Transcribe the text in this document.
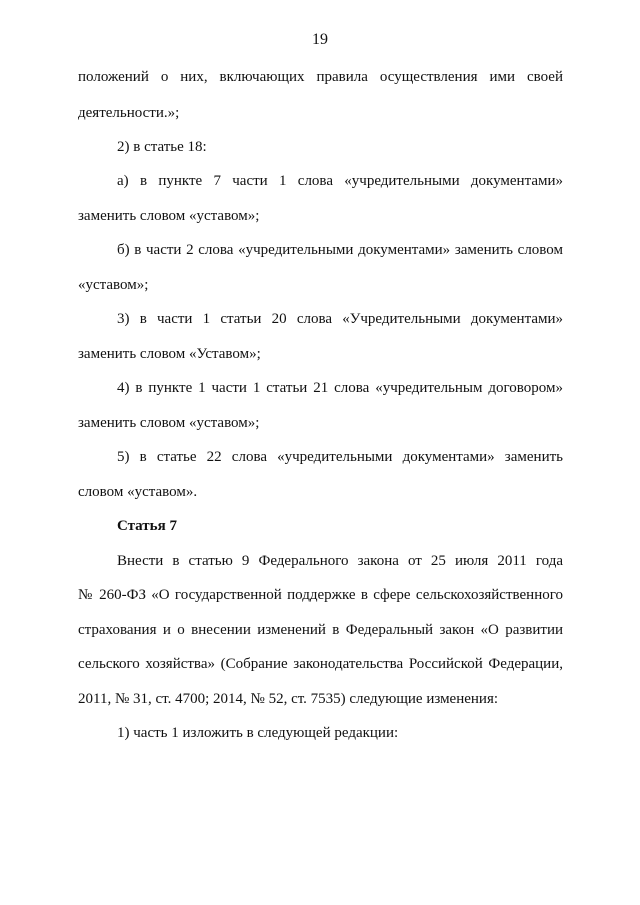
19
положений о них, включающих правила осуществления ими своей
деятельности.»;
2) в статье 18:
а) в пункте 7 части 1 слова «учредительными документами»
заменить словом «уставом»;
б) в части 2 слова «учредительными документами» заменить словом
«уставом»;
3) в части 1 статьи 20 слова «Учредительными документами»
заменить словом «Уставом»;
4) в пункте 1 части 1 статьи 21 слова «учредительным договором»
заменить словом «уставом»;
5) в статье 22 слова «учредительными документами» заменить
словом «уставом».
Статья 7
Внести в статью 9 Федерального закона от 25 июля 2011 года
№ 260-ФЗ «О государственной поддержке в сфере сельскохозяйственного
страхования и о внесении изменений в Федеральный закон «О развитии
сельского хозяйства» (Собрание законодательства Российской Федерации,
2011, № 31, ст. 4700; 2014, № 52, ст. 7535) следующие изменения:
1) часть 1 изложить в следующей редакции:
